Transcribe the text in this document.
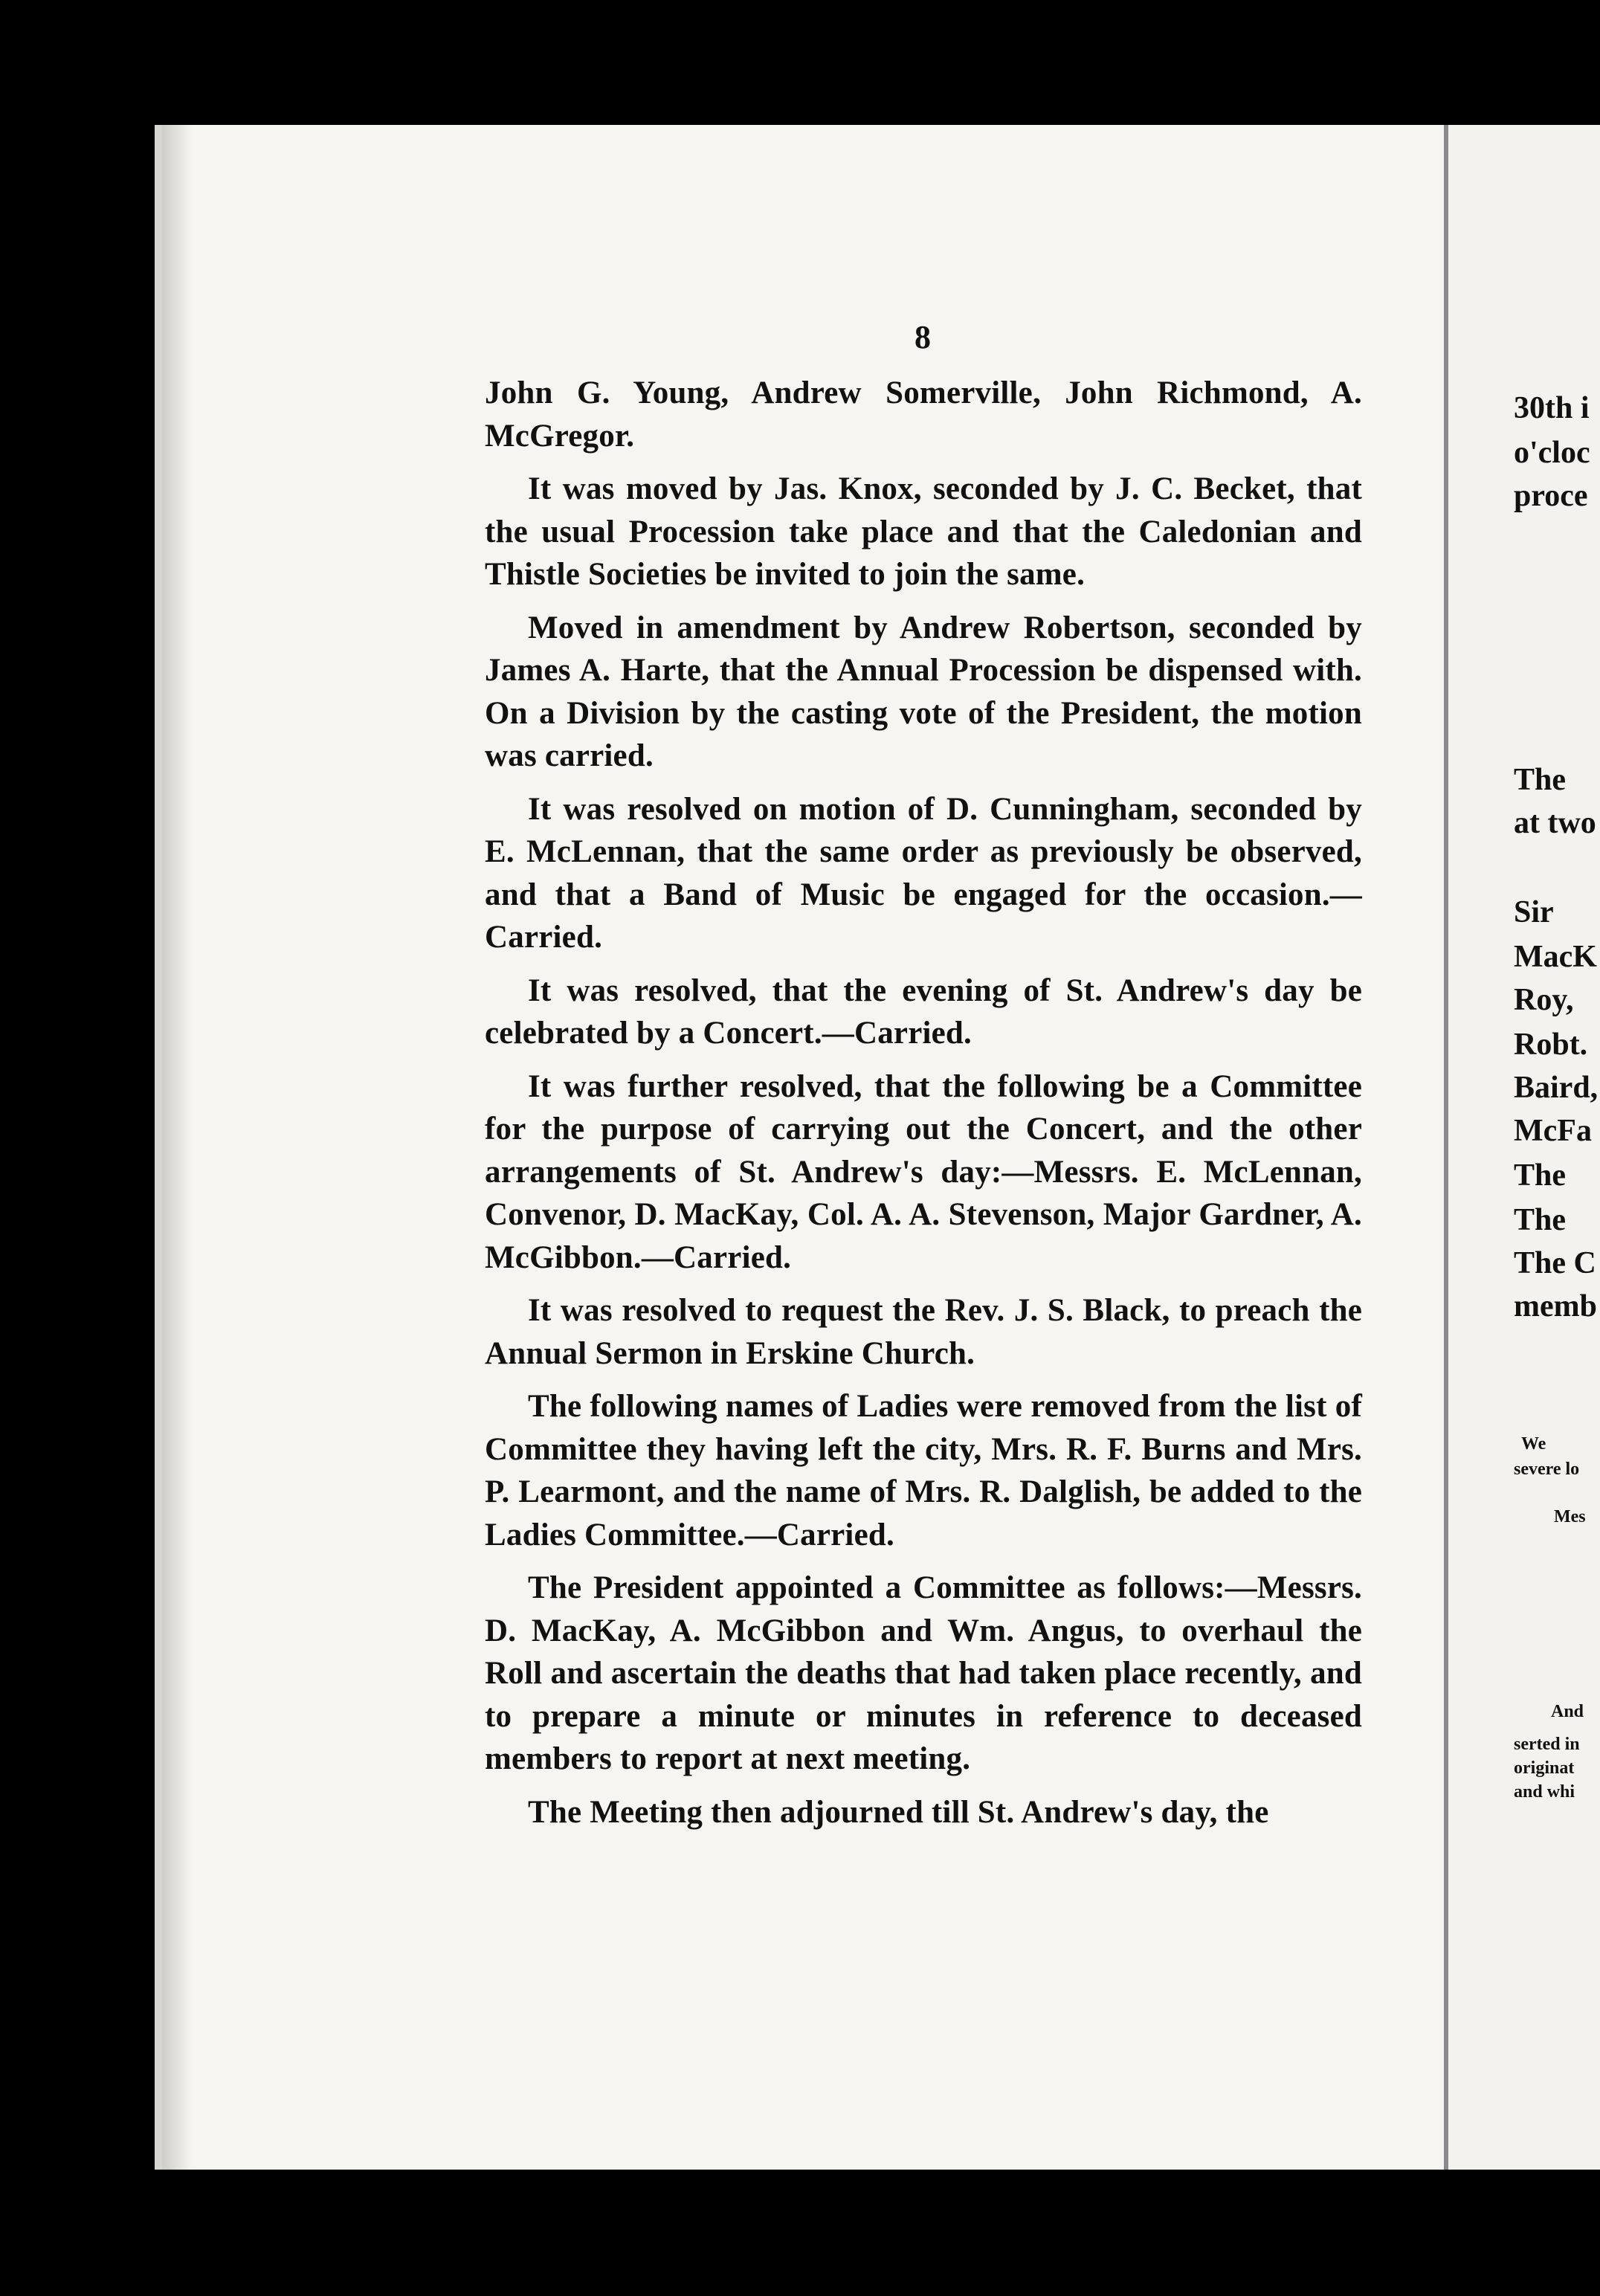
8

John G. Young, Andrew Somerville, John Richmond, A. McGregor.

It was moved by Jas. Knox, seconded by J. C. Becket, that the usual Procession take place and that the Caledonian and Thistle Societies be invited to join the same.

Moved in amendment by Andrew Robertson, seconded by James A. Harte, that the Annual Procession be dispensed with. On a Division by the casting vote of the President, the motion was carried.

It was resolved on motion of D. Cunningham, seconded by E. McLennan, that the same order as previously be observed, and that a Band of Music be engaged for the occasion.—Carried.

It was resolved, that the evening of St. Andrew's day be celebrated by a Concert.—Carried.

It was further resolved, that the following be a Committee for the purpose of carrying out the Concert, and the other arrangements of St. Andrew's day:—Messrs. E. McLennan, Convenor, D. MacKay, Col. A. A. Stevenson, Major Gardner, A. McGibbon.—Carried.

It was resolved to request the Rev. J. S. Black, to preach the Annual Sermon in Erskine Church.

The following names of Ladies were removed from the list of Committee they having left the city, Mrs. R. F. Burns and Mrs. P. Learmont, and the name of Mrs. R. Dalglish, be added to the Ladies Committee.—Carried.

The President appointed a Committee as follows:—Messrs. D. MacKay, A. McGibbon and Wm. Angus, to overhaul the Roll and ascertain the deaths that had taken place recently, and to prepare a minute or minutes in reference to deceased members to report at next meeting.

The Meeting then adjourned till St. Andrew's day, the

30th i
o'cloc
proce
The
at two
Sir
MacK
Roy,
Robt.
Baird,
McFa
The
The
The C
memb
We
severe lo
Mes
And
serted in
originat
and whi
